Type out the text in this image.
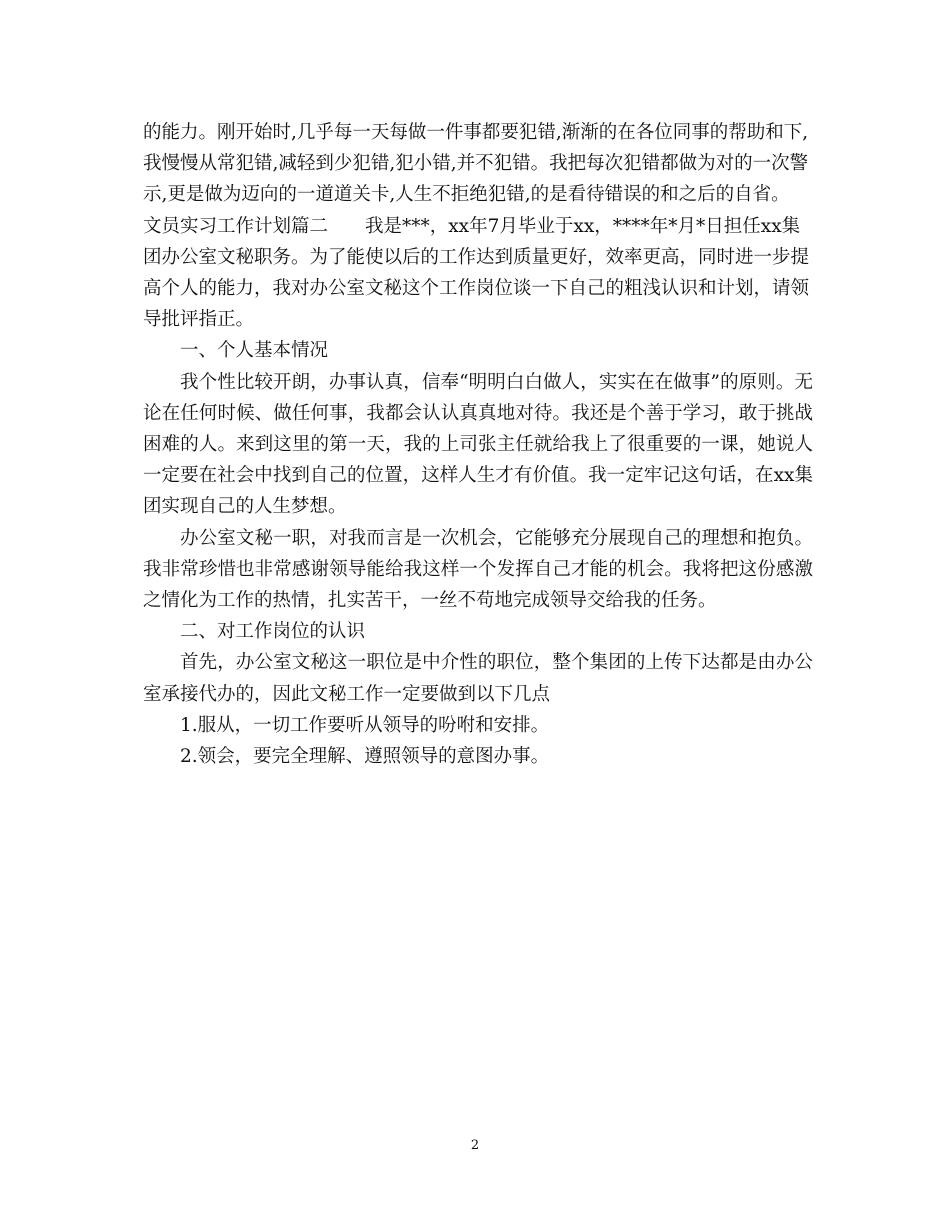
的能力。刚开始时,几乎每一天每做一件事都要犯错,渐渐的在各位同事的帮助和下,我慢慢从常犯错,减轻到少犯错,犯小错,并不犯错。我把每次犯错都做为对的一次警示,更是做为迈向的一道道关卡,人生不拒绝犯错,的是看待错误的和之后的自省。

文员实习工作计划篇二　　我是***，xx年7月毕业于xx，****年*月*日担任xx集团办公室文秘职务。为了能使以后的工作达到质量更好，效率更高，同时进一步提高个人的能力，我对办公室文秘这个工作岗位谈一下自己的粗浅认识和计划，请领导批评指正。

一、个人基本情况

我个性比较开朗，办事认真，信奉“明明白白做人，实实在在做事”的原则。无论在任何时候、做任何事，我都会认认真真地对待。我还是个善于学习，敢于挑战困难的人。来到这里的第一天，我的上司张主任就给我上了很重要的一课，她说人一定要在社会中找到自己的位置，这样人生才有价值。我一定牢记这句话，在xx集团实现自己的人生梦想。

办公室文秘一职，对我而言是一次机会，它能够充分展现自己的理想和抱负。我非常珍惜也非常感谢领导能给我这样一个发挥自己才能的机会。我将把这份感激之情化为工作的热情，扎实苦干，一丝不苟地完成领导交给我的任务。

二、对工作岗位的认识

首先，办公室文秘这一职位是中介性的职位，整个集团的上传下达都是由办公室承接代办的，因此文秘工作一定要做到以下几点

1.服从，一切工作要听从领导的吩咐和安排。

2.领会，要完全理解、遵照领导的意图办事。

2
